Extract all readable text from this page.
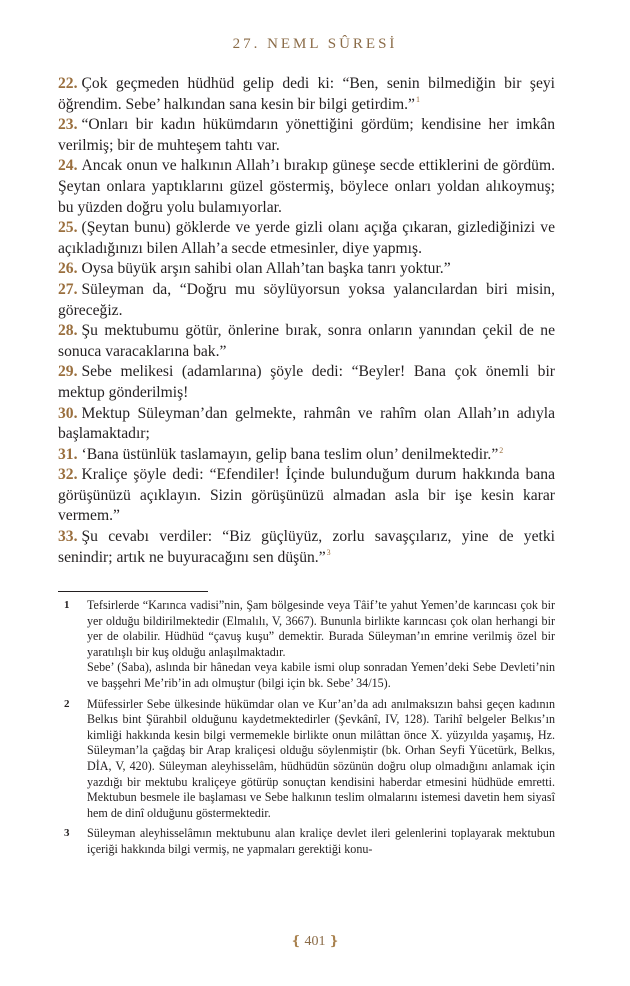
27. NEML SÛRESİ

22. Çok geçmeden hüdhüd gelip dedi ki: “Ben, senin bilmediğin bir şeyi öğrendim. Sebe’ halkından sana kesin bir bilgi getirdim.”$^1$

23. “Onları bir kadın hükümdarın yönettiğini gördüm; kendisine her imkân verilmiş; bir de muhteşem tahtı var.

24. Ancak onun ve halkının Allah’ı bırakıp güneşe secde ettiklerini de gördüm. Şeytan onlara yaptıklarını güzel göstermiş, böylece onları yoldan alıkoymuş; bu yüzden doğru yolu bulamıyorlar.

25. (Şeytan bunu) göklerde ve yerde gizli olanı açığa çıkaran, gizlediğinizi ve açıkladığınızı bilen Allah’a secde etmesinler, diye yapmış.

26. Oysa büyük arşın sahibi olan Allah’tan başka tanrı yoktur.”

27. Süleyman da, “Doğru mu söylüyorsun yoksa yalancılardan biri misin, göreceğiz.

28. Şu mektubumu götür, önlerine bırak, sonra onların yanından çekil de ne sonuca varacaklarına bak.”

29. Sebe melikesi (adamlarına) şöyle dedi: “Beyler! Bana çok önemli bir mektup gönderilmiş!

30. Mektup Süleyman’dan gelmekte, rahmân ve rahîm olan Allah’ın adıyla başlamaktadır;

31. ‘Bana üstünlük taslamayın, gelip bana teslim olun’ denilmektedir.”$^2$

32. Kraliçe şöyle dedi: “Efendiler! İçinde bulunduğum durum hakkında bana görüşünüzü açıklayın. Sizin görüşünüzü almadan asla bir işe kesin karar vermem.”

33. Şu cevabı verdiler: “Biz güçlüyüz, zorlu savaşçılarız, yine de yetki senindir; artık ne buyuracağını sen düşün.”$^3$

1 Tefsirlerde “Karınca vadisi”nin, Şam bölgesinde veya Tâif’te yahut Yemen’de karıncası çok bir yer olduğu bildirilmektedir (Elmalılı, V, 3667). Bununla birlikte karıncası çok olan herhangi bir yer de olabilir. Hüdhüd “çavuş kuşu” demektir. Burada Süleyman’ın emrine verilmiş özel bir yaratılışlı bir kuş olduğu anlaşılmaktadır.

Sebe’ (Saba), aslında bir hânedan veya kabile ismi olup sonradan Yemen’deki Sebe Devleti’nin ve başşehri Me’rib’in adı olmuştur (bilgi için bk. Sebe’ 34/15).

2 Müfessirler Sebe ülkesinde hükümdar olan ve Kur’an’da adı anılmaksızın bahsi geçen kadının Belkıs bint Şürahbil olduğunu kaydetmektedirler (Şevkânî, IV, 128). Tarihî belgeler Belkıs’ın kimliği hakkında kesin bilgi vermemekle birlikte onun milâttan önce X. yüzyılda yaşamış, Hz. Süleyman’la çağdaş bir Arap kraliçesi olduğu söylenmiştir (bk. Orhan Seyfi Yücetürk, Belkıs, DİA, V, 420). Süleyman aleyhisselâm, hüdhüdün sözünün doğru olup olmadığını anlamak için yazdığı bir mektubu kraliçeye götürüp sonuçtan kendisini haberdar etmesini hüdhüde emretti. Mektubun besmele ile başlaması ve Sebe halkının teslim olmalarını istemesi davetin hem siyasî hem de dinî olduğunu göstermektedir.

3 Süleyman aleyhisselâmın mektubunu alan kraliçe devlet ileri gelenlerini toplayarak mektubun içeriği hakkında bilgi vermiş, ne yapmaları gerektiği konu-

❴ 401 ❵
